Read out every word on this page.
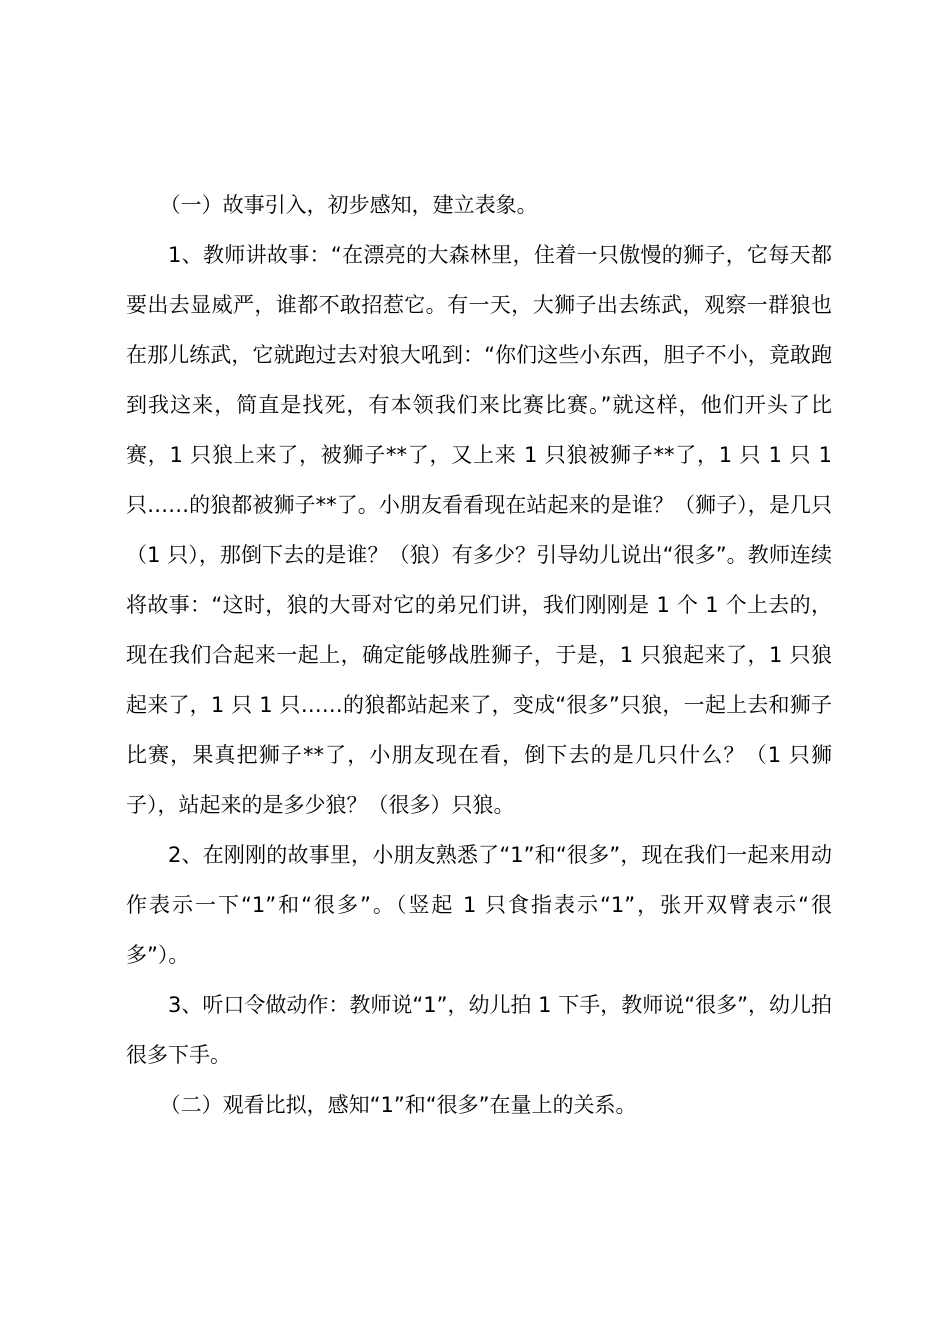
（一）故事引入，初步感知，建立表象。

1、教师讲故事：“在漂亮的大森林里，住着一只傲慢的狮子，它每天都要出去显威严，谁都不敢招惹它。有一天，大狮子出去练武，观察一群狼也在那儿练武，它就跑过去对狼大吼到：“你们这些小东西，胆子不小，竟敢跑到我这来，简直是找死，有本领我们来比赛比赛。”就这样，他们开头了比赛，1 只狼上来了，被狮子**了，又上来 1 只狼被狮子**了，1 只 1 只 1 只……的狼都被狮子**了。小朋友看看现在站起来的是谁？（狮子），是几只（1 只），那倒下去的是谁？（狼）有多少？引导幼儿说出“很多”。教师连续将故事：“这时，狼的大哥对它的弟兄们讲，我们刚刚是 1 个 1 个上去的，现在我们合起来一起上，确定能够战胜狮子，于是，1 只狼起来了，1 只狼起来了，1 只 1 只……的狼都站起来了，变成“很多”只狼，一起上去和狮子比赛，果真把狮子**了，小朋友现在看，倒下去的是几只什么？（1 只狮子），站起来的是多少狼？（很多）只狼。

2、在刚刚的故事里，小朋友熟悉了“1”和“很多”，现在我们一起来用动作表示一下“1”和“很多”。（竖起 1 只食指表示“1”，张开双臂表示“很多”）。

3、听口令做动作：教师说“1”，幼儿拍 1 下手，教师说“很多”，幼儿拍很多下手。

（二）观看比拟，感知“1”和“很多”在量上的关系。
